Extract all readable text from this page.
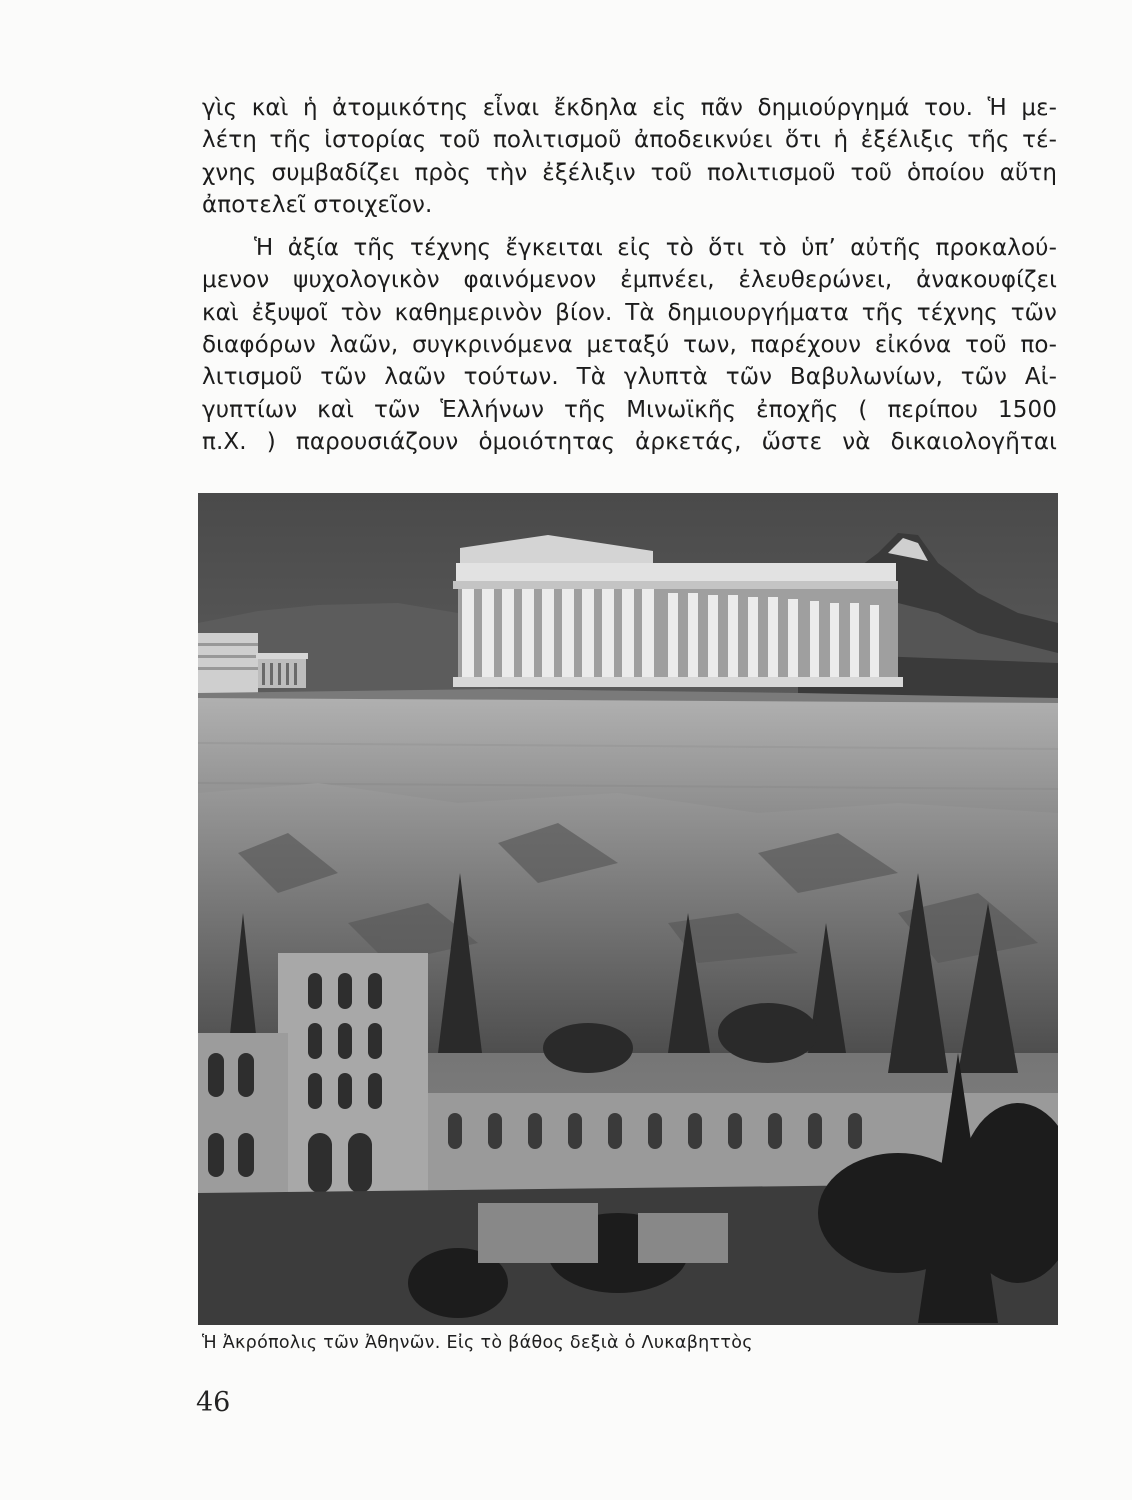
γὶς καὶ ἡ ἀτομικότης εἶναι ἔκδηλα εἰς πᾶν δημιούργημά του. Ἡ με-
λέτη τῆς ἱστορίας τοῦ πολιτισμοῦ ἀποδεικνύει ὅτι ἡ ἐξέλιξις τῆς τέ-
χνης συμβαδίζει πρὸς τὴν ἐξέλιξιν τοῦ πολιτισμοῦ τοῦ ὁποίου αὕτη
ἀποτελεῖ στοιχεῖον.
Ἡ ἀξία τῆς τέχνης ἔγκειται εἰς τὸ ὅτι τὸ ὑπ’ αὐτῆς προκαλού-
μενον ψυχολογικὸν φαινόμενον ἐμπνέει, ἐλευθερώνει, ἀνακουφίζει
καὶ ἐξυψοῖ τὸν καθημερινὸν βίον. Τὰ δημιουργήματα τῆς τέχνης τῶν
διαφόρων λαῶν, συγκρινόμενα μεταξύ των, παρέχουν εἰκόνα τοῦ πο-
λιτισμοῦ τῶν λαῶν τούτων. Τὰ γλυπτὰ τῶν Βαβυλωνίων, τῶν Αἰ-
γυπτίων καὶ τῶν Ἑλλήνων τῆς Μινωϊκῆς ἐποχῆς ( περίπου 1500
π.Χ. ) παρουσιάζουν ὁμοιότητας ἀρκετάς, ὥστε νὰ δικαιολογῆται
Ἡ Ἀκρόπολις τῶν Ἀθηνῶν. Εἰς τὸ βάθος δεξιὰ ὁ Λυκαβηττὸς
46
